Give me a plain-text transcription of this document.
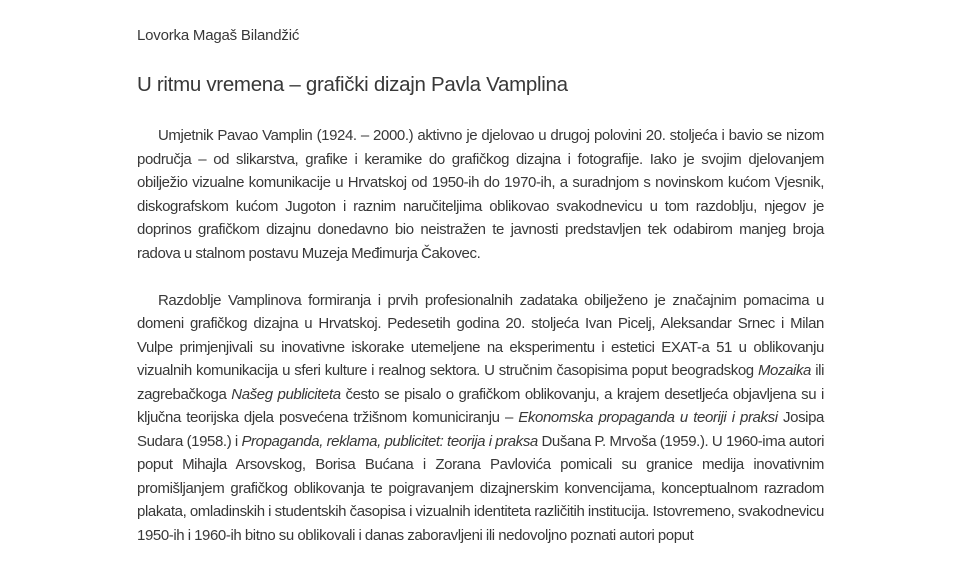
Lovorka Magaš Bilandžić
U ritmu vremena – grafički dizajn Pavla Vamplina

Umjetnik Pavao Vamplin (1924. – 2000.) aktivno je djelovao u drugoj polovini 20. stoljeća i bavio se nizom područja – od slikarstva, grafike i keramike do grafičkog dizajna i fotografije. Iako je svojim djelovanjem obilježio vizualne komunikacije u Hrvatskoj od 1950-ih do 1970-ih, a suradnjom s novinskom kućom Vjesnik, diskografskom kućom Jugoton i raznim naručiteljima oblikovao svakodnevicu u tom razdoblju, njegov je doprinos grafičkom dizajnu donedavno bio neistražen te javnosti predstavljen tek odabirom manjeg broja radova u stalnom postavu Muzeja Međimurja Čakovec.

Razdoblje Vamplinova formiranja i prvih profesionalnih zadataka obilježeno je značajnim pomacima u domeni grafičkog dizajna u Hrvatskoj. Pedesetih godina 20. stoljeća Ivan Picelj, Aleksandar Srnec i Milan Vulpe primjenjivali su inovativne iskorake utemeljene na eksperimentu i estetici EXAT-a 51 u oblikovanju vizualnih komunikacija u sferi kulture i realnog sektora. U stručnim časopisima poput beogradskog Mozaika ili zagrebačkoga Našeg publiciteta često se pisalo o grafičkom oblikovanju, a krajem desetljeća objavljena su i ključna teorijska djela posvećena tržišnom komuniciranju – Ekonomska propaganda u teoriji i praksi Josipa Sudara (1958.) i Propaganda, reklama, publicitet: teorija i praksa Dušana P. Mrvoša (1959.). U 1960-ima autori poput Mihajla Arsovskog, Borisa Bućana i Zorana Pavlovića pomicali su granice medija inovativnim promišljanjem grafičkog oblikovanja te poigravanjem dizajnerskim konvencijama, konceptualnom razradom plakata, omladinskih i studentskih časopisa i vizualnih identiteta različitih institucija. Istovremeno, svakodnevicu 1950-ih i 1960-ih bitno su oblikovali i danas zaboravljeni ili nedovoljno poznati autori poput
